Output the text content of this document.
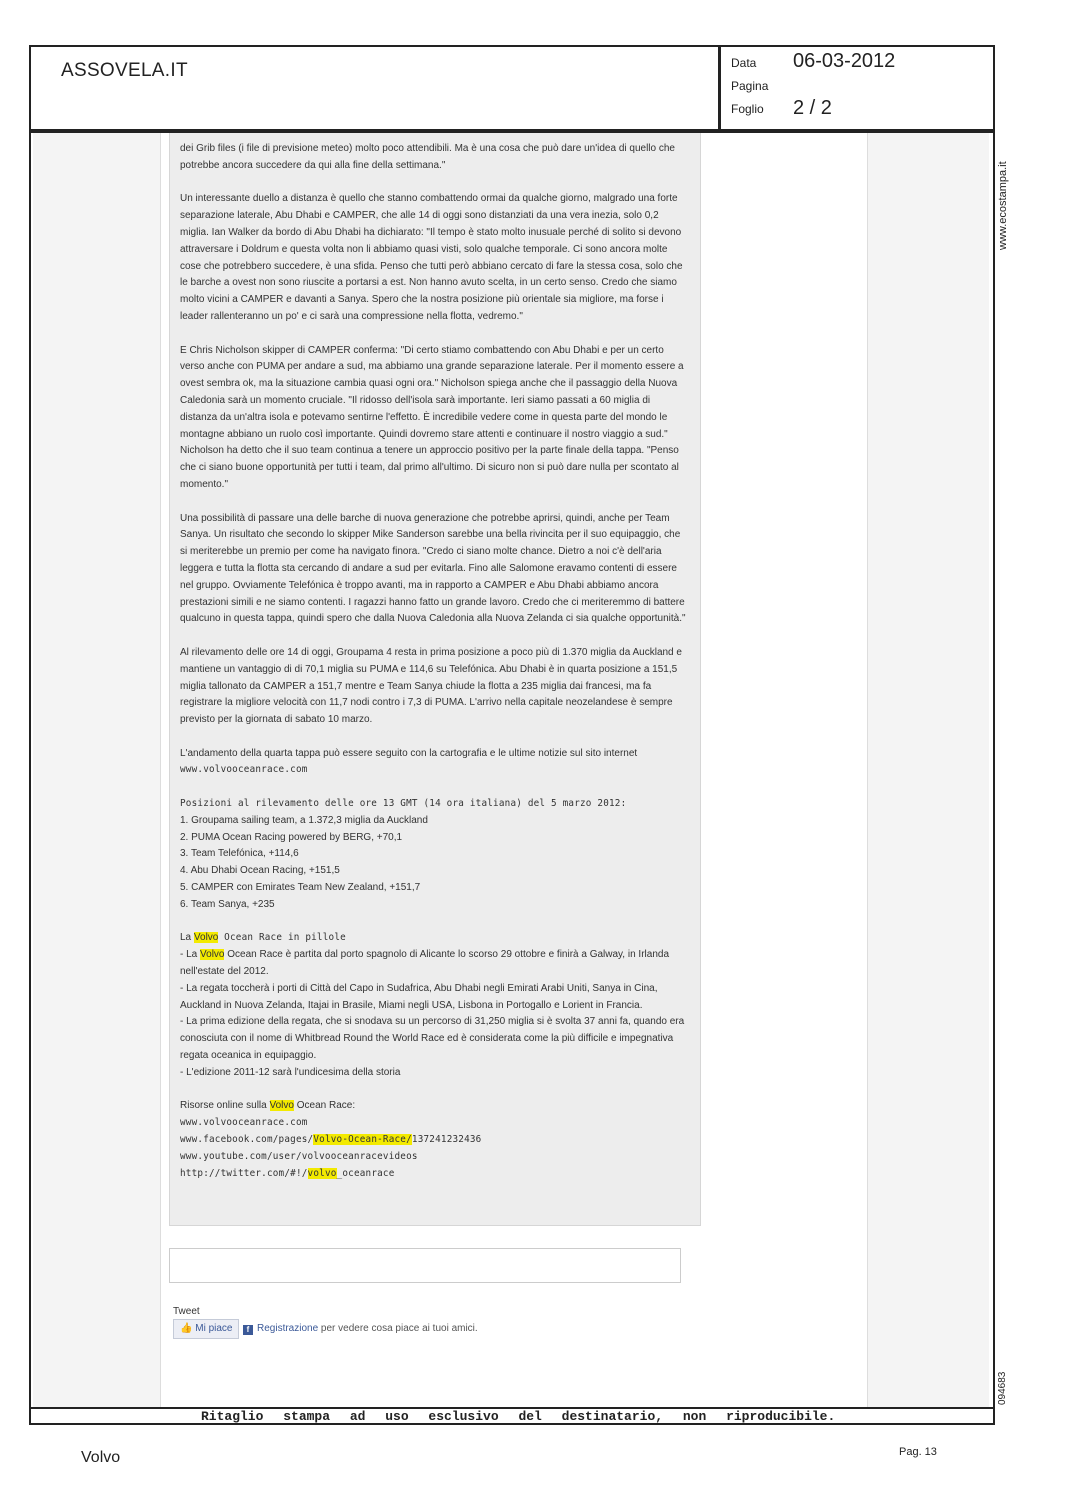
ASSOVELA.IT	Data 06-03-2012
Pagina
Foglio 2 / 2

dei Grib files (i file di previsione meteo) molto poco attendibili. Ma è una cosa che può dare un'idea di quello che potrebbe ancora succedere da qui alla fine della settimana."

Un interessante duello a distanza è quello che stanno combattendo ormai da qualche giorno, malgrado una forte separazione laterale, Abu Dhabi e CAMPER, che alle 14 di oggi sono distanziati da una vera inezia, solo 0,2 miglia. Ian Walker da bordo di Abu Dhabi ha dichiarato: "Il tempo è stato molto inusuale perché di solito si devono attraversare i Doldrum e questa volta non li abbiamo quasi visti, solo qualche temporale. Ci sono ancora molte cose che potrebbero succedere, è una sfida. Penso che tutti però abbiano cercato di fare la stessa cosa, solo che le barche a ovest non sono riuscite a portarsi a est. Non hanno avuto scelta, in un certo senso. Credo che siamo molto vicini a CAMPER e davanti a Sanya. Spero che la nostra posizione più orientale sia migliore, ma forse i leader rallenteranno un po' e ci sarà una compressione nella flotta, vedremo."

E Chris Nicholson skipper di CAMPER conferma: "Di certo stiamo combattendo con Abu Dhabi e per un certo verso anche con PUMA per andare a sud, ma abbiamo una grande separazione laterale. Per il momento essere a ovest sembra ok, ma la situazione cambia quasi ogni ora." Nicholson spiega anche che il passaggio della Nuova Caledonia sarà un momento cruciale. "Il ridosso dell'isola sarà importante. Ieri siamo passati a 60 miglia di distanza da un'altra isola e potevamo sentirne l'effetto. È incredibile vedere come in questa parte del mondo le montagne abbiano un ruolo così importante. Quindi dovremo stare attenti e continuare il nostro viaggio a sud." Nicholson ha detto che il suo team continua a tenere un approccio positivo per la parte finale della tappa. "Penso che ci siano buone opportunità per tutti i team, dal primo all'ultimo. Di sicuro non si può dare nulla per scontato al momento."

Una possibilità di passare una delle barche di nuova generazione che potrebbe aprirsi, quindi, anche per Team Sanya. Un risultato che secondo lo skipper Mike Sanderson sarebbe una bella rivincita per il suo equipaggio, che si meriterebbe un premio per come ha navigato finora. "Credo ci siano molte chance. Dietro a noi c'è dell'aria leggera e tutta la flotta sta cercando di andare a sud per evitarla. Fino alle Salomone eravamo contenti di essere nel gruppo. Ovviamente Telefónica è troppo avanti, ma in rapporto a CAMPER e Abu Dhabi abbiamo ancora prestazioni simili e ne siamo contenti. I ragazzi hanno fatto un grande lavoro. Credo che ci meriteremmo di battere qualcuno in questa tappa, quindi spero che dalla Nuova Caledonia alla Nuova Zelanda ci sia qualche opportunità."

Al rilevamento delle ore 14 di oggi, Groupama 4 resta in prima posizione a poco più di 1.370 miglia da Auckland e mantiene un vantaggio di di 70,1 miglia su PUMA e 114,6 su Telefónica. Abu Dhabi è in quarta posizione a 151,5 miglia tallonato da CAMPER a 151,7 mentre e Team Sanya chiude la flotta a 235 miglia dai francesi, ma fa registrare la migliore velocità con 11,7 nodi contro i 7,3 di PUMA. L'arrivo nella capitale neozelandese è sempre previsto per la giornata di sabato 10 marzo.

L'andamento della quarta tappa può essere seguito con la cartografia e le ultime notizie sul sito internet
www.volvooceanrace.com

Posizioni al rilevamento delle ore 13 GMT (14 ora italiana) del 5 marzo 2012:
1. Groupama sailing team, a 1.372,3 miglia da Auckland
2. PUMA Ocean Racing powered by BERG, +70,1
3. Team Telefónica, +114,6
4. Abu Dhabi Ocean Racing, +151,5
5. CAMPER con Emirates Team New Zealand, +151,7
6. Team Sanya, +235

La Volvo Ocean Race in pillole
- La Volvo Ocean Race è partita dal porto spagnolo di Alicante lo scorso 29 ottobre e finirà a Galway, in Irlanda nell'estate del 2012.
- La regata toccherà i porti di Città del Capo in Sudafrica, Abu Dhabi negli Emirati Arabi Uniti, Sanya in Cina, Auckland in Nuova Zelanda, Itajai in Brasile, Miami negli USA, Lisbona in Portogallo e Lorient in Francia.
- La prima edizione della regata, che si snodava su un percorso di 31,250 miglia si è svolta 37 anni fa, quando era conosciuta con il nome di Whitbread Round the World Race ed è considerata come la più difficile e impegnativa regata oceanica in equipaggio.
- L'edizione 2011-12 sarà l'undicesima della storia

Risorse online sulla Volvo Ocean Race:
www.volvooceanrace.com
www.facebook.com/pages/Volvo-Ocean-Race/137241232436
www.youtube.com/user/volvooceanracevideos
http://twitter.com/#!/volvo_oceanrace

Tweet
👍 Mi piace	f Registrazione per vedere cosa piace ai tuoi amici.
Ritaglio stampa ad uso esclusivo del destinatario, non riproducibile.
www.ecostampa.it
094683
Volvo	Pag. 13
